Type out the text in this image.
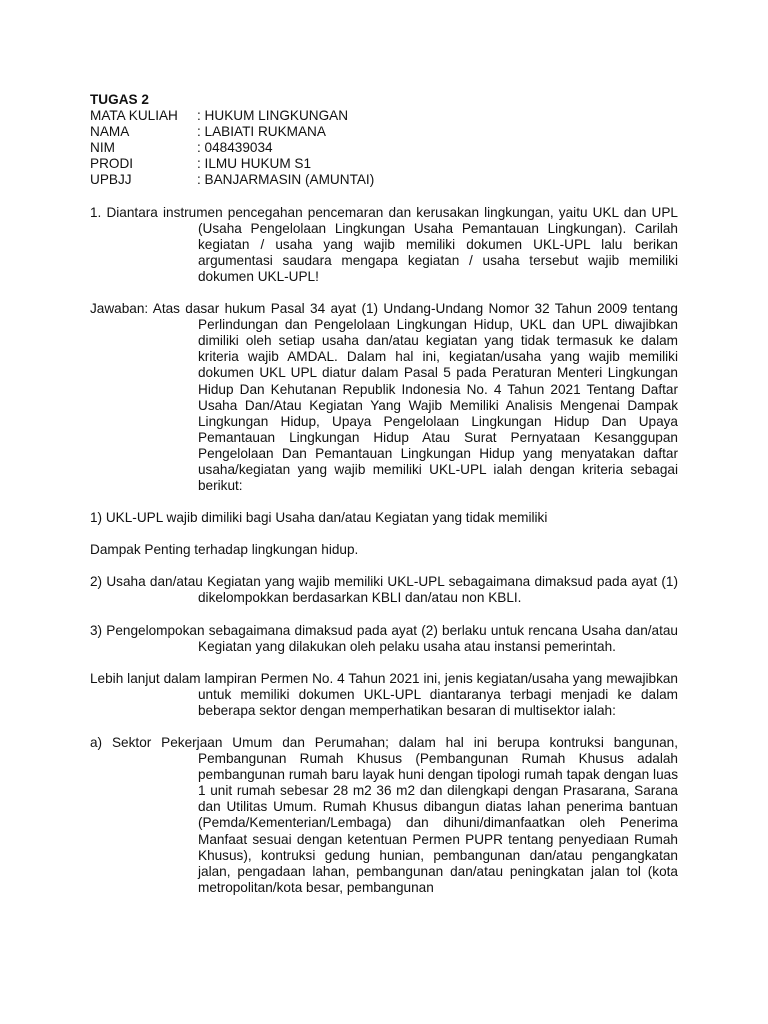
TUGAS 2

MATA KULIAH	: HUKUM LINGKUNGAN
NAMA	: LABIATI RUKMANA
NIM	: 048439034
PRODI	: ILMU HUKUM S1
UPBJJ	: BANJARMASIN (AMUNTAI)

1. Diantara instrumen pencegahan pencemaran dan kerusakan lingkungan, yaitu UKL dan UPL (Usaha Pengelolaan Lingkungan Usaha Pemantauan Lingkungan). Carilah kegiatan / usaha yang wajib memiliki dokumen UKL-UPL lalu berikan argumentasi saudara mengapa kegiatan / usaha tersebut wajib memiliki dokumen UKL-UPL!

Jawaban: Atas dasar hukum Pasal 34 ayat (1) Undang-Undang Nomor 32 Tahun 2009 tentang Perlindungan dan Pengelolaan Lingkungan Hidup, UKL dan UPL diwajibkan dimiliki oleh setiap usaha dan/atau kegiatan yang tidak termasuk ke dalam kriteria wajib AMDAL. Dalam hal ini, kegiatan/usaha yang wajib memiliki dokumen UKL UPL diatur dalam Pasal 5 pada Peraturan Menteri Lingkungan Hidup Dan Kehutanan Republik Indonesia No. 4 Tahun 2021 Tentang Daftar Usaha Dan/Atau Kegiatan Yang Wajib Memiliki Analisis Mengenai Dampak Lingkungan Hidup, Upaya Pengelolaan Lingkungan Hidup Dan Upaya Pemantauan Lingkungan Hidup Atau Surat Pernyataan Kesanggupan Pengelolaan Dan Pemantauan Lingkungan Hidup yang menyatakan daftar usaha/kegiatan yang wajib memiliki UKL-UPL ialah dengan kriteria sebagai berikut:

1) UKL-UPL wajib dimiliki bagi Usaha dan/atau Kegiatan yang tidak memiliki

Dampak Penting terhadap lingkungan hidup.

2) Usaha dan/atau Kegiatan yang wajib memiliki UKL-UPL sebagaimana dimaksud pada ayat (1) dikelompokkan berdasarkan KBLI dan/atau non KBLI.

3) Pengelompokan sebagaimana dimaksud pada ayat (2) berlaku untuk rencana Usaha dan/atau Kegiatan yang dilakukan oleh pelaku usaha atau instansi pemerintah.

Lebih lanjut dalam lampiran Permen No. 4 Tahun 2021 ini, jenis kegiatan/usaha yang mewajibkan untuk memiliki dokumen UKL-UPL diantaranya terbagi menjadi ke dalam beberapa sektor dengan memperhatikan besaran di multisektor ialah:

a) Sektor Pekerjaan Umum dan Perumahan; dalam hal ini berupa kontruksi bangunan, Pembangunan Rumah Khusus (Pembangunan Rumah Khusus adalah pembangunan rumah baru layak huni dengan tipologi rumah tapak dengan luas 1 unit rumah sebesar 28 m2 36 m2 dan dilengkapi dengan Prasarana, Sarana dan Utilitas Umum. Rumah Khusus dibangun diatas lahan penerima bantuan (Pemda/Kementerian/Lembaga) dan dihuni/dimanfaatkan oleh Penerima Manfaat sesuai dengan ketentuan Permen PUPR tentang penyediaan Rumah Khusus), kontruksi gedung hunian, pembangunan dan/atau pengangkatan jalan, pengadaan lahan, pembangunan dan/atau peningkatan jalan tol (kota metropolitan/kota besar, pembangunan
